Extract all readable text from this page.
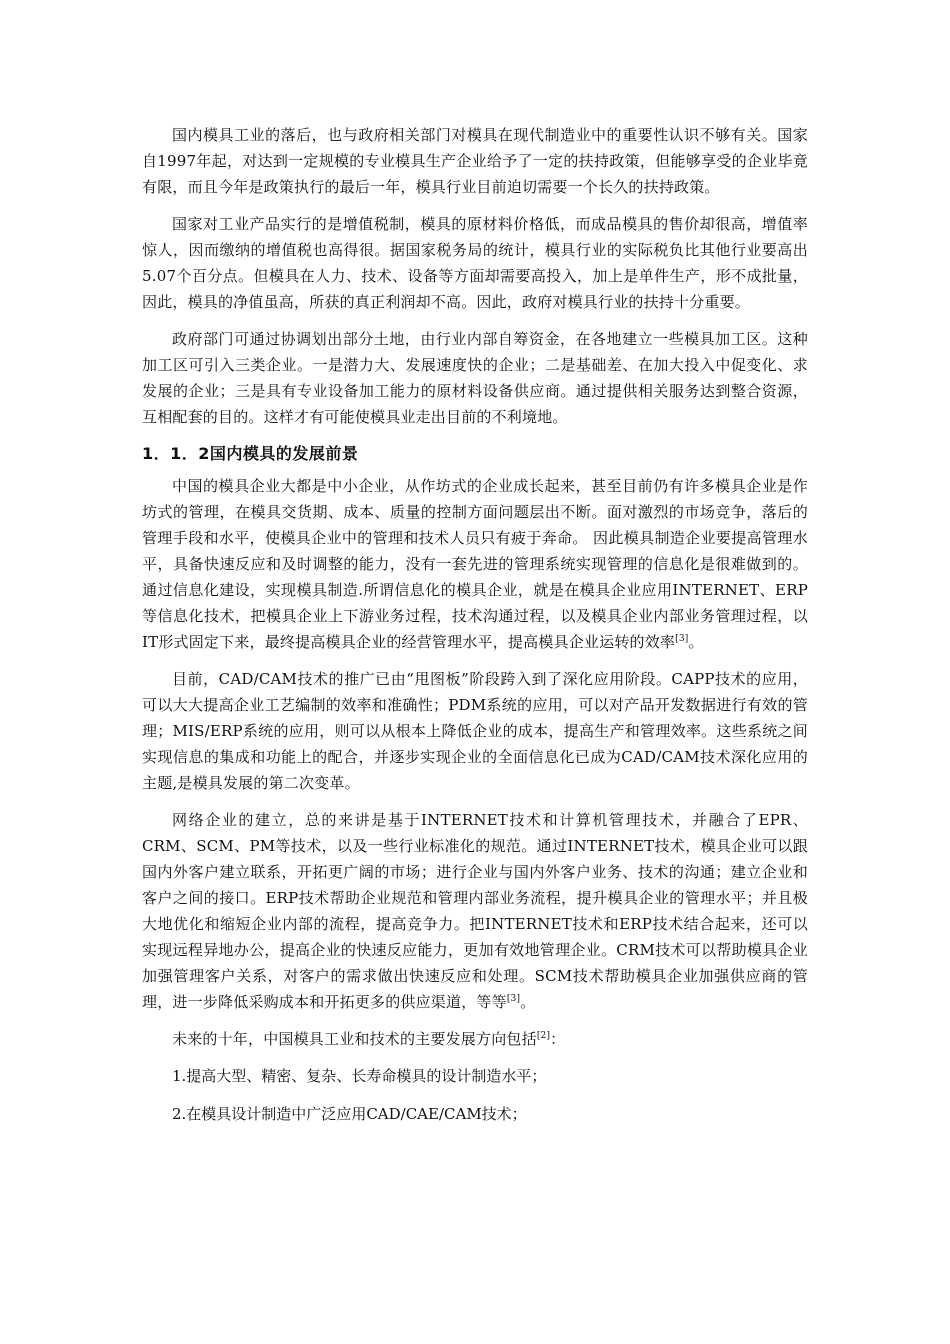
国内模具工业的落后，也与政府相关部门对模具在现代制造业中的重要性认识不够有关。国家自1997年起，对达到一定规模的专业模具生产企业给予了一定的扶持政策，但能够享受的企业毕竟有限，而且今年是政策执行的最后一年，模具行业目前迫切需要一个长久的扶持政策。

国家对工业产品实行的是增值税制，模具的原材料价格低，而成品模具的售价却很高，增值率惊人，因而缴纳的增值税也高得很。据国家税务局的统计，模具行业的实际税负比其他行业要高出5.07个百分点。但模具在人力、技术、设备等方面却需要高投入，加上是单件生产，形不成批量，因此，模具的净值虽高，所获的真正利润却不高。因此，政府对模具行业的扶持十分重要。

政府部门可通过协调划出部分土地，由行业内部自筹资金，在各地建立一些模具加工区。这种加工区可引入三类企业。一是潜力大、发展速度快的企业；二是基础差、在加大投入中促变化、求发展的企业；三是具有专业设备加工能力的原材料设备供应商。通过提供相关服务达到整合资源，互相配套的目的。这样才有可能使模具业走出目前的不利境地。

1．1．2国内模具的发展前景

中国的模具企业大都是中小企业，从作坊式的企业成长起来，甚至目前仍有许多模具企业是作坊式的管理，在模具交货期、成本、质量的控制方面问题层出不断。面对激烈的市场竞争，落后的管理手段和水平，使模具企业中的管理和技术人员只有疲于奔命。 因此模具制造企业要提高管理水平，具备快速反应和及时调整的能力，没有一套先进的管理系统实现管理的信息化是很难做到的。通过信息化建设，实现模具制造.所谓信息化的模具企业，就是在模具企业应用INTERNET、ERP等信息化技术，把模具企业上下游业务过程，技术沟通过程，以及模具企业内部业务管理过程，以IT形式固定下来，最终提高模具企业的经营管理水平，提高模具企业运转的效率[3]。

目前，CAD/CAM技术的推广已由“甩图板”阶段跨入到了深化应用阶段。CAPP技术的应用，可以大大提高企业工艺编制的效率和准确性；PDM系统的应用，可以对产品开发数据进行有效的管理；MIS/ERP系统的应用，则可以从根本上降低企业的成本，提高生产和管理效率。这些系统之间实现信息的集成和功能上的配合，并逐步实现企业的全面信息化已成为CAD/CAM技术深化应用的主题,是模具发展的第二次变革。

网络企业的建立，总的来讲是基于INTERNET技术和计算机管理技术，并融合了EPR、CRM、SCM、PM等技术，以及一些行业标准化的规范。通过INTERNET技术，模具企业可以跟国内外客户建立联系，开拓更广阔的市场；进行企业与国内外客户业务、技术的沟通；建立企业和客户之间的接口。ERP技术帮助企业规范和管理内部业务流程，提升模具企业的管理水平；并且极大地优化和缩短企业内部的流程，提高竞争力。把INTERNET技术和ERP技术结合起来，还可以实现远程异地办公，提高企业的快速反应能力，更加有效地管理企业。CRM技术可以帮助模具企业加强管理客户关系，对客户的需求做出快速反应和处理。SCM技术帮助模具企业加强供应商的管理，进一步降低采购成本和开拓更多的供应渠道，等等[3]。

未来的十年，中国模具工业和技术的主要发展方向包括[2]：

1.提高大型、精密、复杂、长寿命模具的设计制造水平；

2.在模具设计制造中广泛应用CAD/CAE/CAM技术；
